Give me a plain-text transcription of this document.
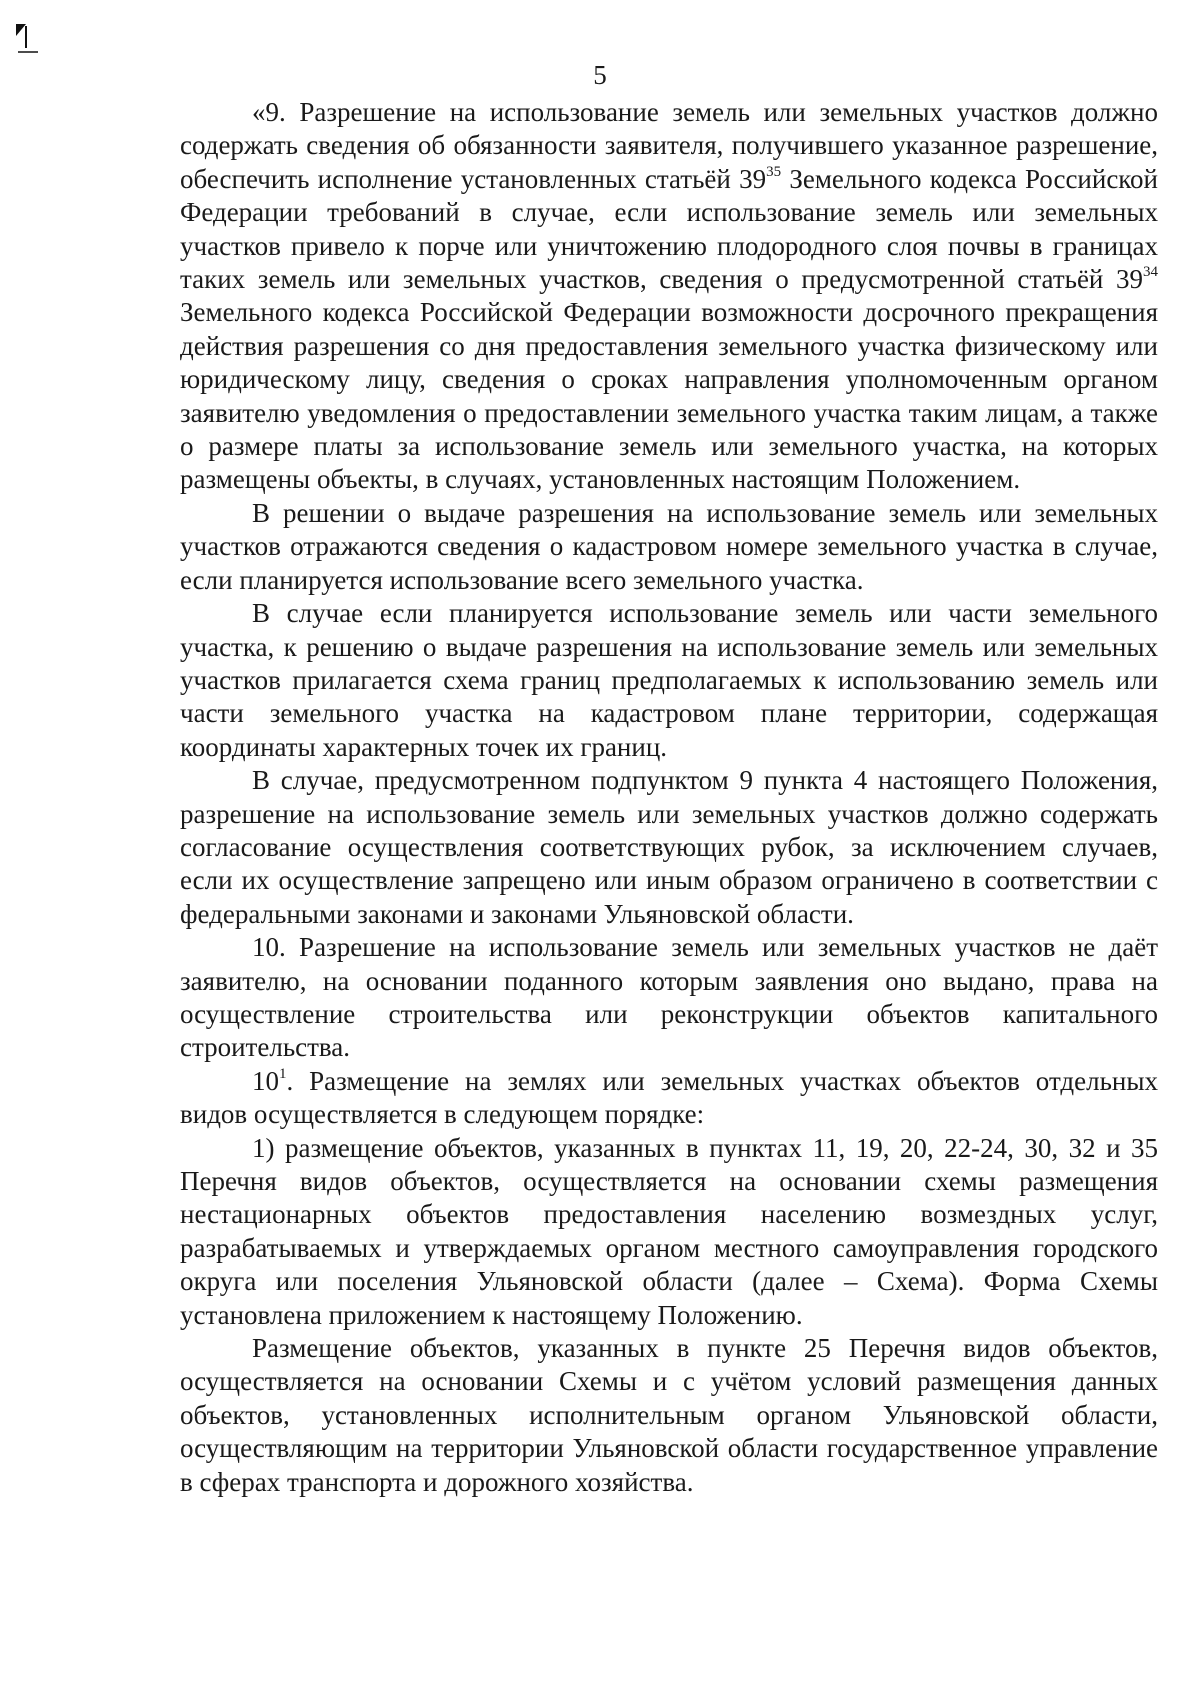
5

«9. Разрешение на использование земель или земельных участков должно содержать сведения об обязанности заявителя, получившего указанное разрешение, обеспечить исполнение установленных статьёй $39^{35}$ Земельного кодекса Российской Федерации требований в случае, если использование земель или земельных участков привело к порче или уничтожению плодородного слоя почвы в границах таких земель или земельных участков, сведения о предусмотренной статьёй $39^{34}$ Земельного кодекса Российской Федерации возможности досрочного прекращения действия разрешения со дня предоставления земельного участка физическому или юридическому лицу, сведения о сроках направления уполномоченным органом заявителю уведомления о предоставлении земельного участка таким лицам, а также о размере платы за использование земель или земельного участка, на которых размещены объекты, в случаях, установленных настоящим Положением.

В решении о выдаче разрешения на использование земель или земельных участков отражаются сведения о кадастровом номере земельного участка в случае, если планируется использование всего земельного участка.

В случае если планируется использование земель или части земельного участка, к решению о выдаче разрешения на использование земель или земельных участков прилагается схема границ предполагаемых к использованию земель или части земельного участка на кадастровом плане территории, содержащая координаты характерных точек их границ.

В случае, предусмотренном подпунктом 9 пункта 4 настоящего Положения, разрешение на использование земель или земельных участков должно содержать согласование осуществления соответствующих рубок, за исключением случаев, если их осуществление запрещено или иным образом ограничено в соответствии с федеральными законами и законами Ульяновской области.

10. Разрешение на использование земель или земельных участков не даёт заявителю, на основании поданного которым заявления оно выдано, права на осуществление строительства или реконструкции объектов капитального строительства.

$10^1$. Размещение на землях или земельных участках объектов отдельных видов осуществляется в следующем порядке:

1) размещение объектов, указанных в пунктах 11, 19, 20, 22-24, 30, 32 и 35 Перечня видов объектов, осуществляется на основании схемы размещения нестационарных объектов предоставления населению возмездных услуг, разрабатываемых и утверждаемых органом местного самоуправления городского округа или поселения Ульяновской области (далее – Схема). Форма Схемы установлена приложением к настоящему Положению.

Размещение объектов, указанных в пункте 25 Перечня видов объектов, осуществляется на основании Схемы и с учётом условий размещения данных объектов, установленных исполнительным органом Ульяновской области, осуществляющим на территории Ульяновской области государственное управление в сферах транспорта и дорожного хозяйства.
